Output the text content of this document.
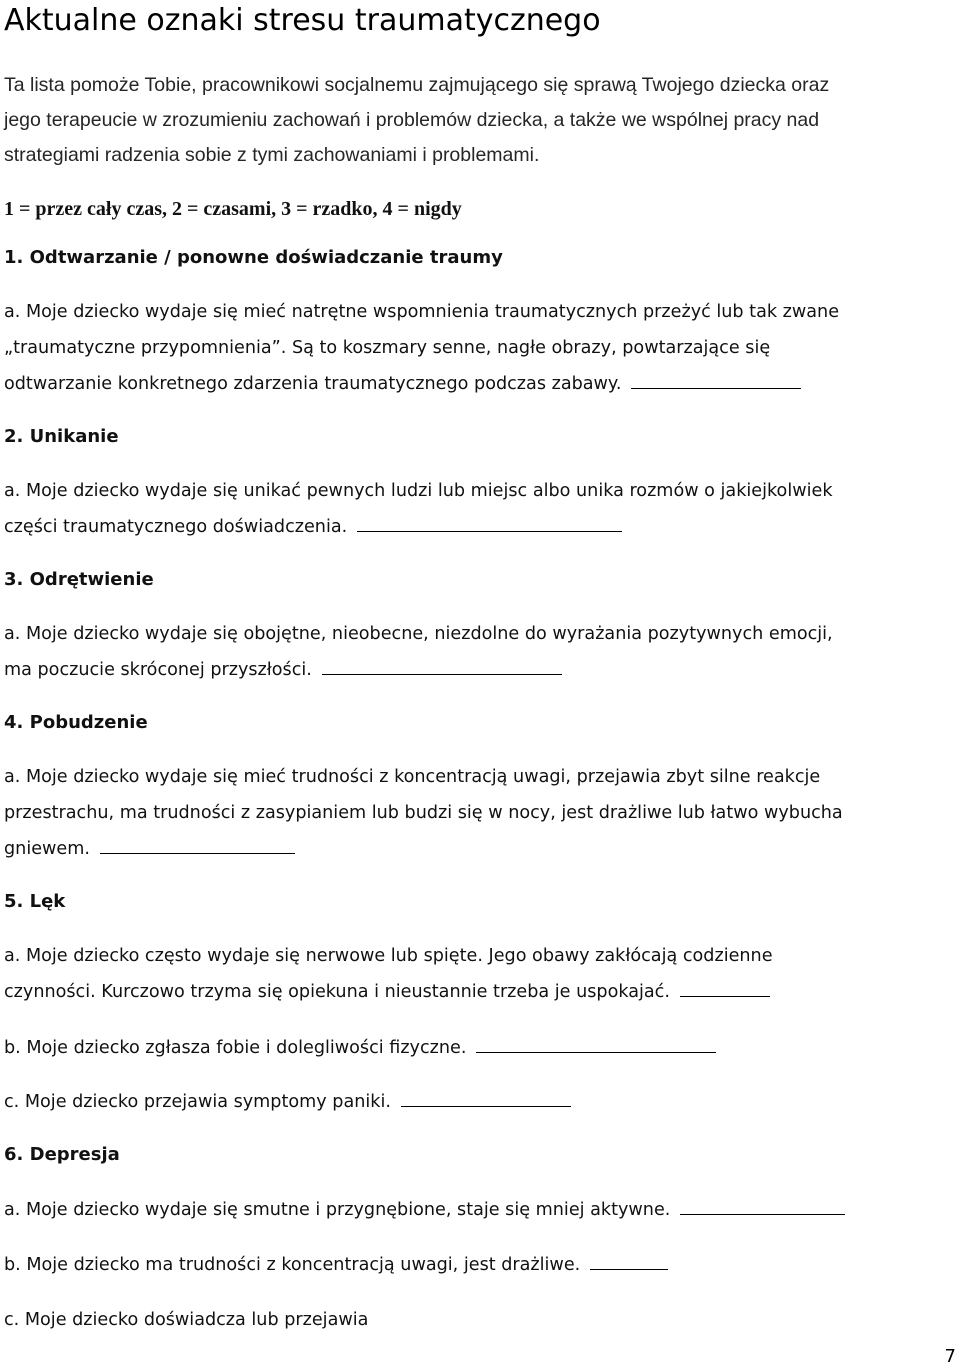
Aktualne oznaki stresu traumatycznego
Ta lista pomoże Tobie, pracownikowi socjalnemu zajmującego się sprawą Twojego dziecka oraz
jego terapeucie w zrozumieniu zachowań i problemów dziecka, a także we wspólnej pracy nad
strategiami radzenia sobie z tymi zachowaniami i problemami.
1 = przez cały czas, 2 = czasami, 3 = rzadko, 4 = nigdy
1. Odtwarzanie / ponowne doświadczanie traumy
a. Moje dziecko wydaje się mieć natrętne wspomnienia traumatycznych przeżyć lub tak zwane
„traumatyczne przypomnienia”. Są to koszmary senne, nagłe obrazy, powtarzające się
odtwarzanie konkretnego zdarzenia traumatycznego podczas zabawy.
2. Unikanie
a. Moje dziecko wydaje się unikać pewnych ludzi lub miejsc albo unika rozmów o jakiejkolwiek
części traumatycznego doświadczenia.
3. Odrętwienie
a. Moje dziecko wydaje się obojętne, nieobecne, niezdolne do wyrażania pozytywnych emocji,
ma poczucie skróconej przyszłości.
4. Pobudzenie
a. Moje dziecko wydaje się mieć trudności z koncentracją uwagi, przejawia zbyt silne reakcje
przestrachu, ma trudności z zasypianiem lub budzi się w nocy, jest drażliwe lub łatwo wybucha
gniewem.
5. Lęk
a. Moje dziecko często wydaje się nerwowe lub spięte. Jego obawy zakłócają codzienne
czynności. Kurczowo trzyma się opiekuna i nieustannie trzeba je uspokajać.
b. Moje dziecko zgłasza fobie i dolegliwości fizyczne.
c. Moje dziecko przejawia symptomy paniki.
6. Depresja
a. Moje dziecko wydaje się smutne i przygnębione, staje się mniej aktywne.
b. Moje dziecko ma trudności z koncentracją uwagi, jest drażliwe.
c. Moje dziecko doświadcza lub przejawia
7
